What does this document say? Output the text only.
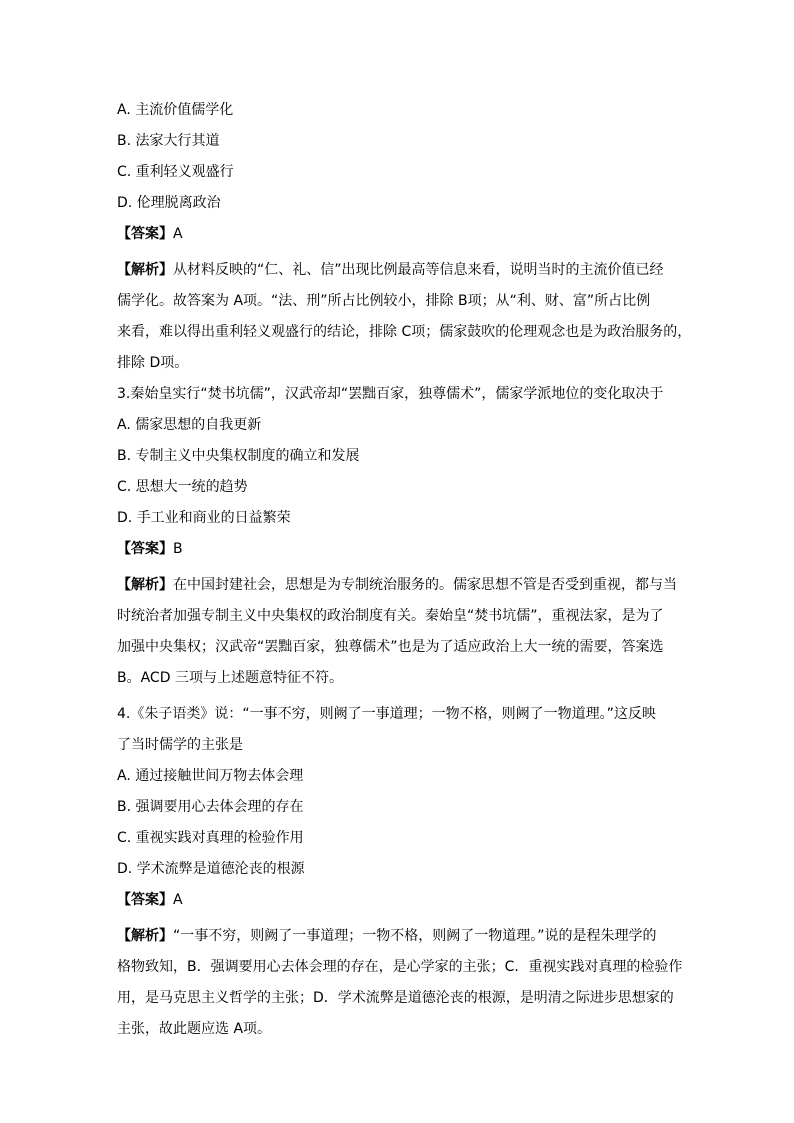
A. 主流价值儒学化
B. 法家大行其道
C. 重利轻义观盛行
D. 伦理脱离政治
【答案】A
【解析】从材料反映的“仁、礼、信”出现比例最高等信息来看，说明当时的主流价值已经
儒学化。故答案为 A项。“法、刑”所占比例较小，排除 B项；从“利、财、富”所占比例
来看，难以得出重利轻义观盛行的结论，排除 C项；儒家鼓吹的伦理观念也是为政治服务的，
排除 D项。
3.秦始皇实行“焚书坑儒”，汉武帝却“罢黜百家，独尊儒术”，儒家学派地位的变化取决于
A. 儒家思想的自我更新
B. 专制主义中央集权制度的确立和发展
C. 思想大一统的趋势
D. 手工业和商业的日益繁荣
【答案】B
【解析】在中国封建社会，思想是为专制统治服务的。儒家思想不管是否受到重视，都与当
时统治者加强专制主义中央集权的政治制度有关。秦始皇“焚书坑儒”，重视法家，是为了
加强中央集权；汉武帝“罢黜百家，独尊儒术”也是为了适应政治上大一统的需要，答案选
B。ACD 三项与上述题意特征不符。
4.《朱子语类》说：“一事不穷，则阙了一事道理；一物不格，则阙了一物道理。”这反映
了当时儒学的主张是
A. 通过接触世间万物去体会理
B. 强调要用心去体会理的存在
C. 重视实践对真理的检验作用
D. 学术流弊是道德沦丧的根源
【答案】A
【解析】“一事不穷，则阙了一事道理；一物不格，则阙了一物道理。”说的是程朱理学的
格物致知，B．强调要用心去体会理的存在，是心学家的主张；C．重视实践对真理的检验作
用，是马克思主义哲学的主张；D．学术流弊是道德沦丧的根源，是明清之际进步思想家的
主张，故此题应选 A项。
